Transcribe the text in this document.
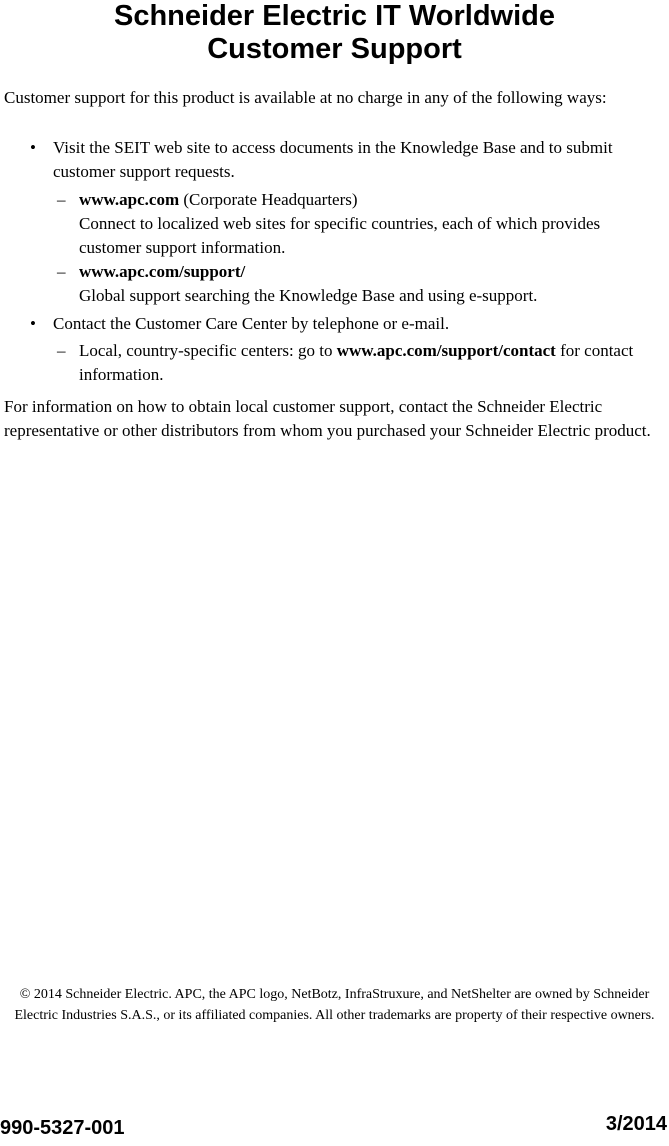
Schneider Electric IT Worldwide
Customer Support

Customer support for this product is available at no charge in any of the following ways:

• Visit the SEIT web site to access documents in the Knowledge Base and to submit customer support requests.
– www.apc.com (Corporate Headquarters)
Connect to localized web sites for specific countries, each of which provides customer support information.
– www.apc.com/support/
Global support searching the Knowledge Base and using e-support.
• Contact the Customer Care Center by telephone or e-mail.
– Local, country-specific centers: go to www.apc.com/support/contact for contact information.

For information on how to obtain local customer support, contact the Schneider Electric representative or other distributors from whom you purchased your Schneider Electric product.

© 2014 Schneider Electric. APC, the APC logo, NetBotz, InfraStruxure, and NetShelter are owned by Schneider Electric Industries S.A.S., or its affiliated companies. All other trademarks are property of their respective owners.

990-5327-001	3/2014
